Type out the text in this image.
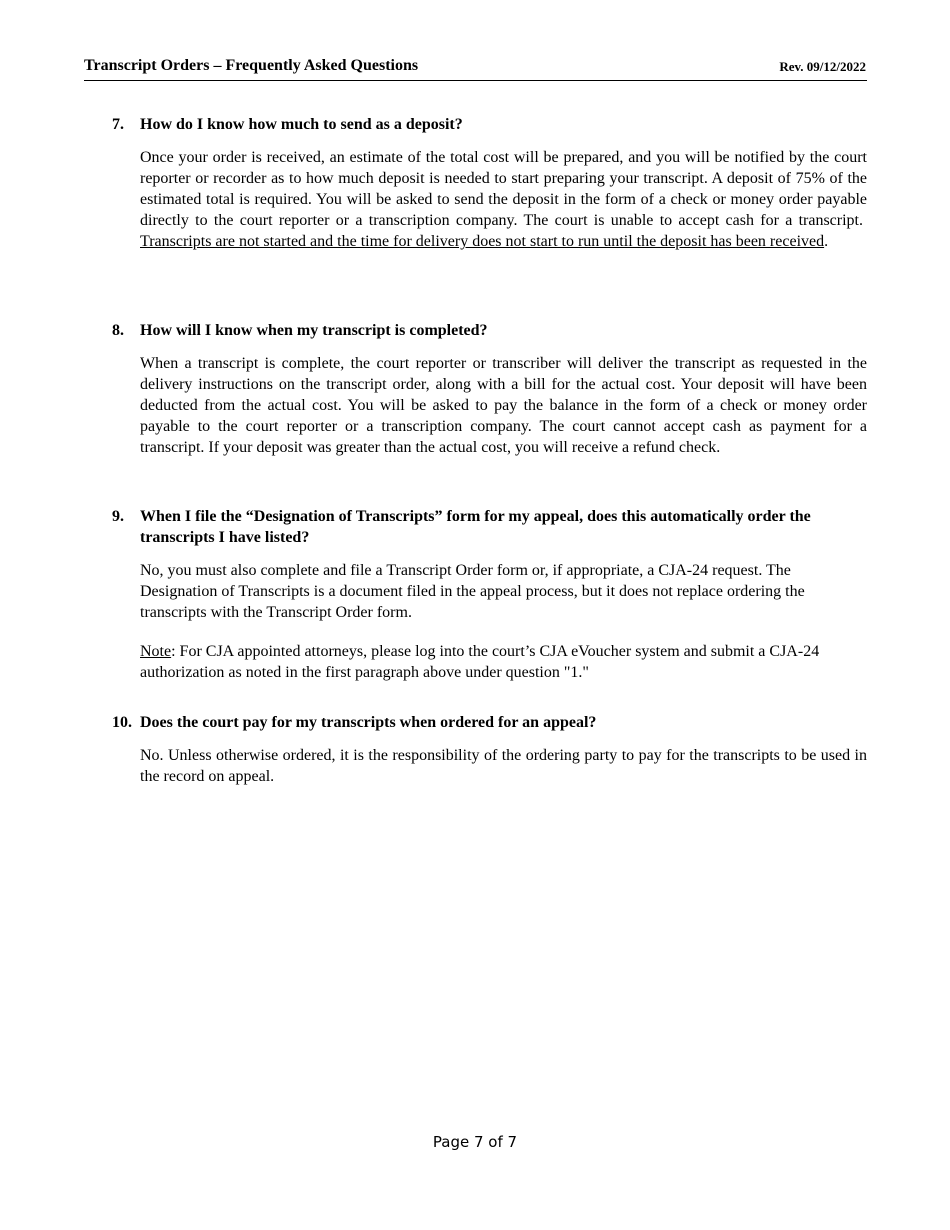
Transcript Orders – Frequently Asked Questions	Rev. 09/12/2022
7. How do I know how much to send as a deposit?
Once your order is received, an estimate of the total cost will be prepared, and you will be notified by the court reporter or recorder as to how much deposit is needed to start preparing your transcript. A deposit of 75% of the estimated total is required. You will be asked to send the deposit in the form of a check or money order payable directly to the court reporter or a transcription company. The court is unable to accept cash for a transcript.  Transcripts are not started and the time for delivery does not start to run until the deposit has been received.
8. How will I know when my transcript is completed?
When a transcript is complete, the court reporter or transcriber will deliver the transcript as requested in the delivery instructions on the transcript order, along with a bill for the actual cost. Your deposit will have been deducted from the actual cost. You will be asked to pay the balance in the form of a check or money order payable to the court reporter or a transcription company. The court cannot accept cash as payment for a transcript. If your deposit was greater than the actual cost, you will receive a refund check.
9. When I file the “Designation of Transcripts” form for my appeal, does this automatically order the transcripts I have listed?
No, you must also complete and file a Transcript Order form or, if appropriate, a CJA-24 request. The Designation of Transcripts is a document filed in the appeal process, but it does not replace ordering the transcripts with the Transcript Order form.
Note: For CJA appointed attorneys, please log into the court’s CJA eVoucher system and submit a CJA-24 authorization as noted in the first paragraph above under question "1."
10. Does the court pay for my transcripts when ordered for an appeal?
No. Unless otherwise ordered, it is the responsibility of the ordering party to pay for the transcripts to be used in the record on appeal.
Page 7 of 7
